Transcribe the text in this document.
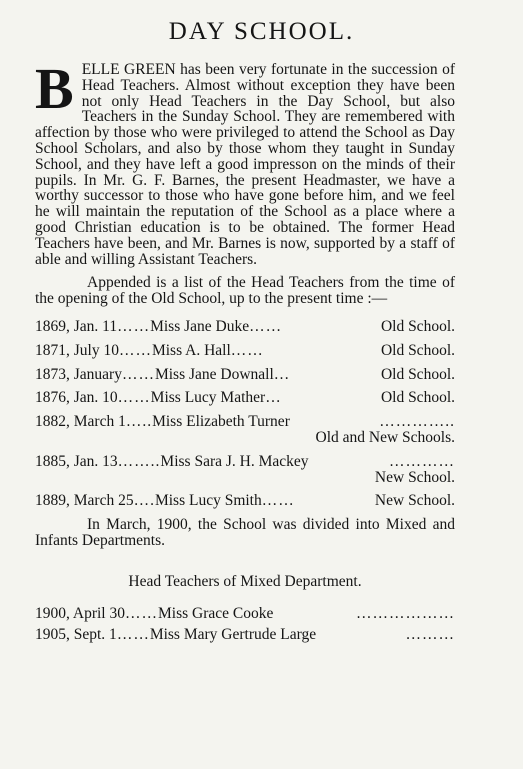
DAY SCHOOL.

BELLE GREEN has been very fortunate in the succession of Head Teachers. Almost without exception they have been not only Head Teachers in the Day School, but also Teachers in the Sunday School. They are remembered with affection by those who were privileged to attend the School as Day School Scholars, and also by those whom they taught in Sunday School, and they have left a good impresson on the minds of their pupils. In Mr. G. F. Barnes, the present Headmaster, we have a worthy successor to those who have gone before him, and we feel he will maintain the reputation of the School as a place where a good Christian education is to be obtained. The former Head Teachers have been, and Mr. Barnes is now, supported by a staff of able and willing Assistant Teachers.

Appended is a list of the Head Teachers from the time of the opening of the Old School, up to the present time :—

1869, Jan. 11……Miss Jane Duke……	Old School.
1871, July 10……Miss A. Hall……	Old School.
1873, January……Miss Jane Downall…	Old School.
1876, Jan. 10……Miss Lucy Mather…	Old School.
1882, March 1…..Miss Elizabeth Turner	…………..
Old and New Schools.
1885, Jan. 13……..Miss Sara J. H. Mackey	…………
New School.
1889, March 25….Miss Lucy Smith……	New School.

In March, 1900, the School was divided into Mixed and Infants Departments.

Head Teachers of Mixed Department.
1900, April 30……Miss Grace Cooke	………………
1905, Sept. 1……Miss Mary Gertrude Large	………
